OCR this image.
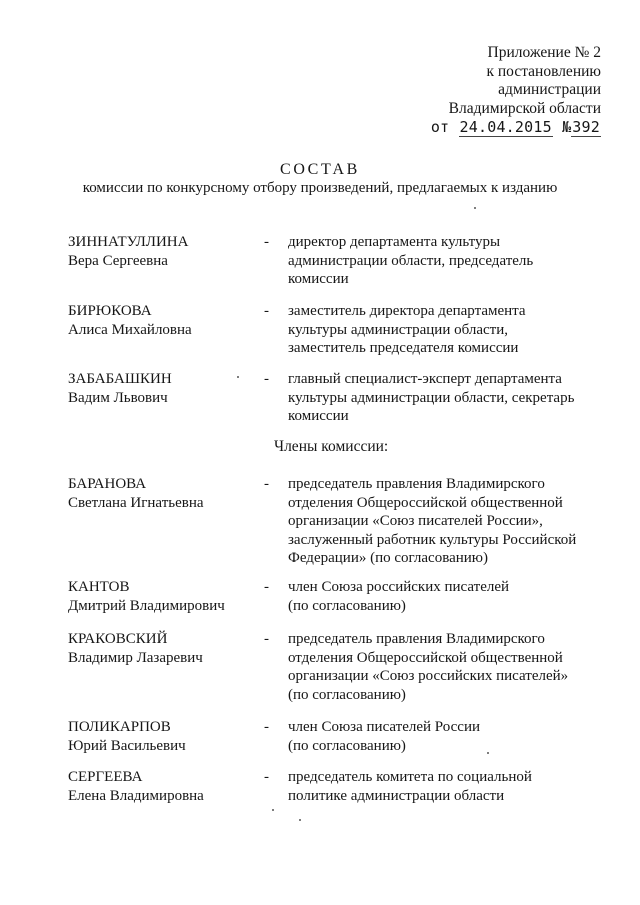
Приложение № 2
к постановлению
администрации
Владимирской области
от 24.04.2015 №392
СОСТАВ
комиссии по конкурсному отбору произведений, предлагаемых к изданию
ЗИННАТУЛЛИНА
Вера Сергеевна
- директор департамента культуры
администрации области, председатель
комиссии
БИРЮКОВА
Алиса Михайловна
- заместитель директора департамента
культуры администрации области,
заместитель председателя комиссии
ЗАБАБАШКИН
Вадим Львович
- главный специалист-эксперт департамента
культуры администрации области, секретарь
комиссии
Члены комиссии:
БАРАНОВА
Светлана Игнатьевна
- председатель правления Владимирского
отделения Общероссийской общественной
организации «Союз писателей России»,
заслуженный работник культуры Российской
Федерации» (по согласованию)
КАНТОВ
Дмитрий Владимирович
- член Союза российских писателей
(по согласованию)
КРАКОВСКИЙ
Владимир Лазаревич
- председатель правления Владимирского
отделения Общероссийской общественной
организации «Союз российских писателей»
(по согласованию)
ПОЛИКАРПОВ
Юрий Васильевич
- член Союза писателей России
(по согласованию)
СЕРГЕЕВА
Елена Владимировна
- председатель комитета по социальной
политике администрации области
